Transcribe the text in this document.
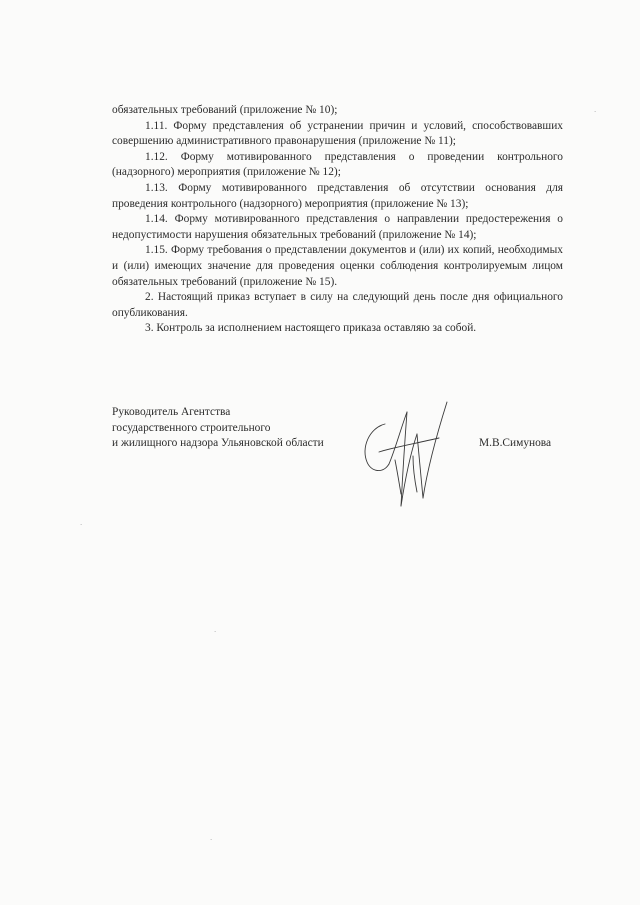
обязательных требований (приложение № 10);

1.11. Форму представления об устранении причин и условий, способствовавших совершению административного правонарушения (приложение № 11);

1.12. Форму мотивированного представления о проведении контрольного (надзорного) мероприятия (приложение № 12);

1.13. Форму мотивированного представления об отсутствии основания для проведения контрольного (надзорного) мероприятия (приложение № 13);

1.14. Форму мотивированного представления о направлении предостережения о недопустимости нарушения обязательных требований (приложение № 14);

1.15. Форму требования о представлении документов и (или) их копий, необходимых и (или) имеющих значение для проведения оценки соблюдения контролируемым лицом обязательных требований (приложение № 15).

2. Настоящий приказ вступает в силу на следующий день после дня официального опубликования.

3. Контроль за исполнением настоящего приказа оставляю за собой.

Руководитель Агентства

государственного строительного

и жилищного надзора Ульяновской области	М.В.Симунова
·
·
·
·
